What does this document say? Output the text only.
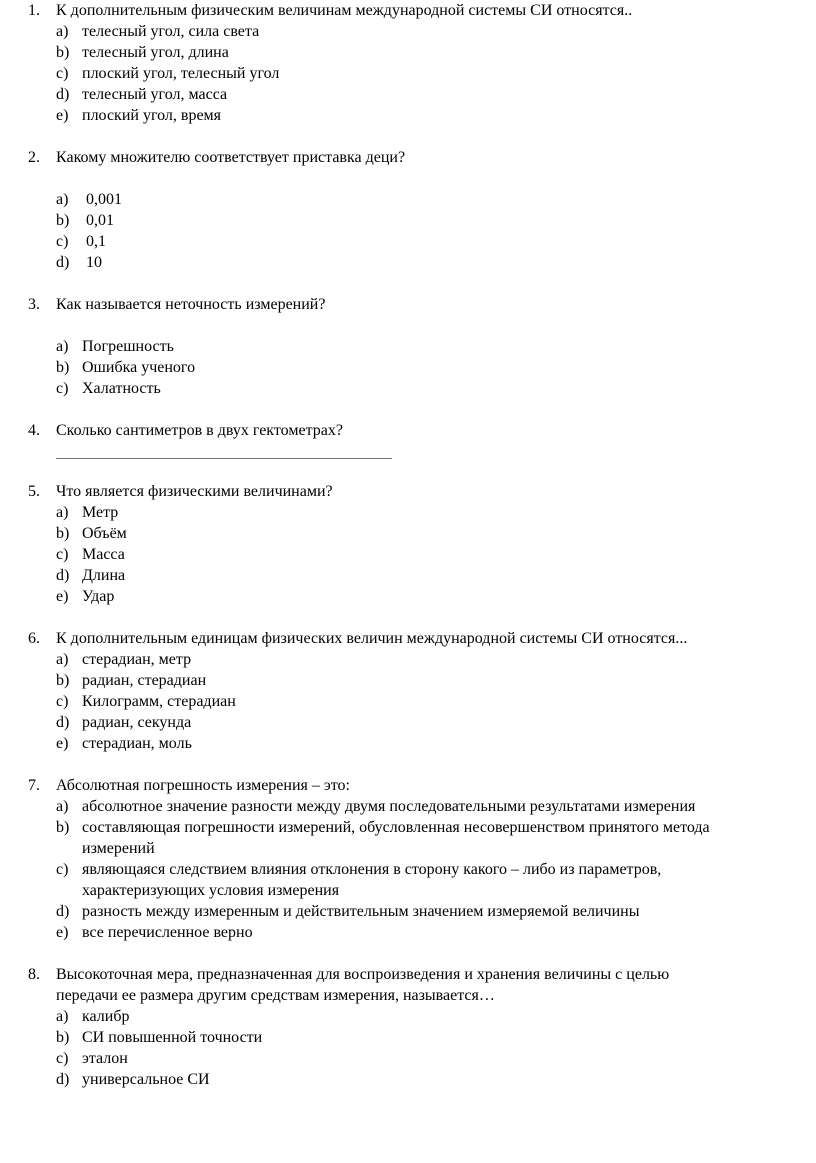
1. К дополнительным физическим величинам международной системы СИ относятся..
a) телесный угол, сила света
b) телесный угол, длина
c) плоский угол, телесный угол
d) телесный угол, масса
e) плоский угол, время
2. Какому множителю соответствует приставка деци?
a) 0,001
b) 0,01
c) 0,1
d) 10
3. Как называется неточность измерений?
a) Погрешность
b) Ошибка ученого
c) Халатность
4. Сколько сантиметров в двух гектометрах?
5. Что является физическими величинами?
a) Метр
b) Объём
c) Масса
d) Длина
e) Удар
6. К дополнительным единицам физических величин международной системы СИ относятся...
a) стерадиан, метр
b) радиан, стерадиан
c) Килограмм, стерадиан
d) радиан, секунда
e) стерадиан, моль
7. Абсолютная погрешность измерения – это:
a) абсолютное значение разности между двумя последовательными результатами измерения
b) составляющая погрешности измерений, обусловленная несовершенством принятого метода
измерений
c) являющаяся следствием влияния отклонения в сторону какого – либо из параметров,
характеризующих условия измерения
d) разность между измеренным и действительным значением измеряемой величины
e) все перечисленное верно
8. Высокоточная мера, предназначенная для воспроизведения и хранения величины с целью
передачи ее размера другим средствам измерения, называется…
a) калибр
b) СИ повышенной точности
c) эталон
d) универсальное СИ
